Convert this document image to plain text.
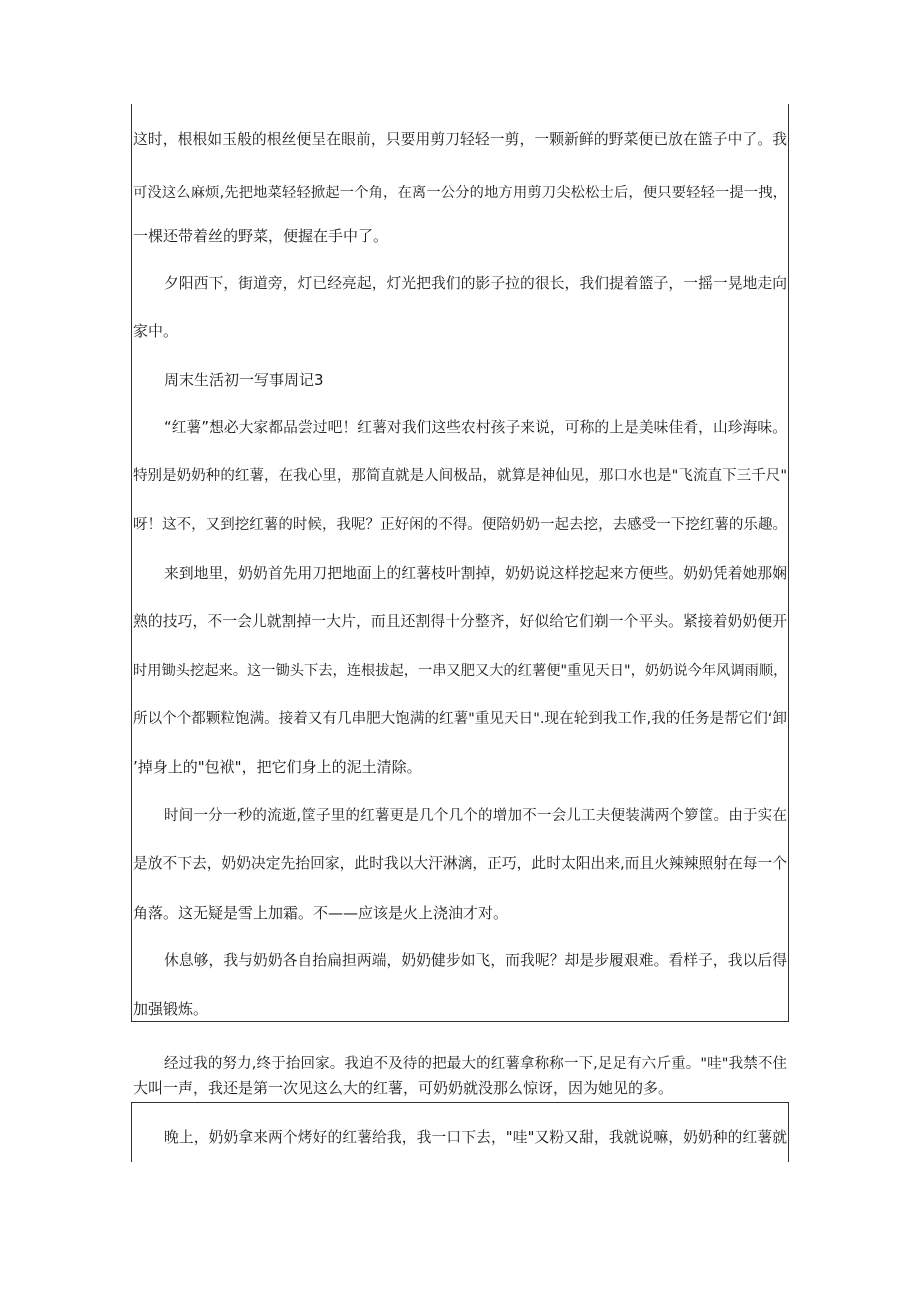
这时，根根如玉般的根丝便呈在眼前，只要用剪刀轻轻一剪，一颗新鲜的野菜便已放在篮子中了。我
可没这么麻烦,先把地菜轻轻掀起一个角，在离一公分的地方用剪刀尖松松士后，便只要轻轻一提一拽，
一棵还带着丝的野菜，便握在手中了。
夕阳西下，街道旁，灯已经亮起，灯光把我们的影子拉的很长，我们提着篮子，一摇一晃地走向
家中。
周末生活初一写事周记3
“红薯”想必大家都品尝过吧！红薯对我们这些农村孩子来说，可称的上是美味佳肴，山珍海味。
特别是奶奶种的红薯，在我心里，那简直就是人间极品，就算是神仙见，那口水也是"飞流直下三千尺"
呀！这不，又到挖红薯的时候，我呢？正好闲的不得。便陪奶奶一起去挖，去感受一下挖红薯的乐趣。
来到地里，奶奶首先用刀把地面上的红薯枝叶割掉，奶奶说这样挖起来方便些。奶奶凭着她那娴
熟的技巧，不一会儿就割掉一大片，而且还割得十分整齐，好似给它们剃一个平头。紧接着奶奶便开
时用锄头挖起来。这一锄头下去，连根拔起，一串又肥又大的红薯便"重见天日"，奶奶说今年风调雨顺，
所以个个都颗粒饱满。接着又有几串肥大饱满的红薯"重见天日".现在轮到我工作,我的任务是帮它们‘卸
’掉身上的"包袱"，把它们身上的泥土清除。
时间一分一秒的流逝,筐子里的红薯更是几个几个的增加不一会儿工夫便装满两个箩筐。由于实在
是放不下去，奶奶决定先抬回家，此时我以大汗淋漓，正巧，此时太阳出来,而且火辣辣照射在每一个
角落。这无疑是雪上加霜。不——应该是火上浇油才对。
休息够，我与奶奶各自抬扁担两端，奶奶健步如飞，而我呢？却是步履艰难。看样子，我以后得
加强锻炼。
经过我的努力,终于抬回家。我迫不及待的把最大的红薯拿称称一下,足足有六斤重。"哇"我禁不住
大叫一声，我还是第一次见这么大的红薯，可奶奶就没那么惊讶，因为她见的多。
晚上，奶奶拿来两个烤好的红薯给我，我一口下去，"哇"又粉又甜，我就说嘛，奶奶种的红薯就
